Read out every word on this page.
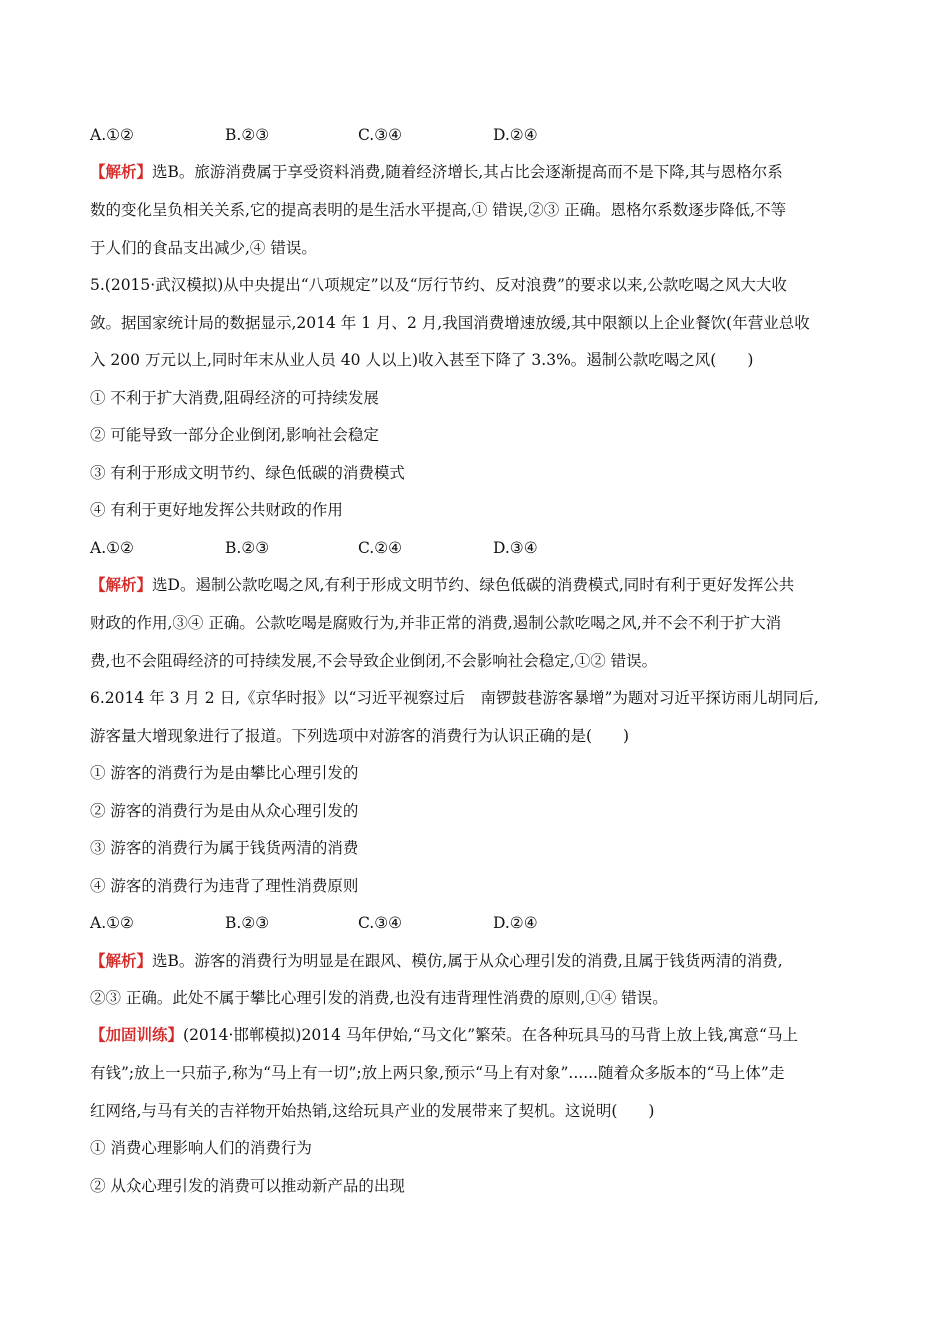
A.①②	B.②③	C.③④	D.②④
【解析】选B。旅游消费属于享受资料消费,随着经济增长,其占比会逐渐提高而不是下降,其与恩格尔系
数的变化呈负相关关系,它的提高表明的是生活水平提高,① 错误,②③ 正确。恩格尔系数逐步降低,不等
于人们的食品支出减少,④ 错误。
5.(2015·武汉模拟)从中央提出“八项规定”以及“厉行节约、反对浪费”的要求以来,公款吃喝之风大大收
敛。据国家统计局的数据显示,2014 年 1 月、2 月,我国消费增速放缓,其中限额以上企业餐饮(年营业总收
入 200 万元以上,同时年末从业人员 40 人以上)收入甚至下降了 3.3%。遏制公款吃喝之风(　　)
① 不利于扩大消费,阻碍经济的可持续发展
② 可能导致一部分企业倒闭,影响社会稳定
③ 有利于形成文明节约、绿色低碳的消费模式
④ 有利于更好地发挥公共财政的作用
A.①②	B.②③	C.②④	D.③④
【解析】选D。遏制公款吃喝之风,有利于形成文明节约、绿色低碳的消费模式,同时有利于更好发挥公共
财政的作用,③④ 正确。公款吃喝是腐败行为,并非正常的消费,遏制公款吃喝之风,并不会不利于扩大消
费,也不会阻碍经济的可持续发展,不会导致企业倒闭,不会影响社会稳定,①② 错误。
6.2014 年 3 月 2 日,《京华时报》以“习近平视察过后　南锣鼓巷游客暴增”为题对习近平探访雨儿胡同后,
游客量大增现象进行了报道。下列选项中对游客的消费行为认识正确的是(　　)
① 游客的消费行为是由攀比心理引发的
② 游客的消费行为是由从众心理引发的
③ 游客的消费行为属于钱货两清的消费
④ 游客的消费行为违背了理性消费原则
A.①②	B.②③	C.③④	D.②④
【解析】选B。游客的消费行为明显是在跟风、模仿,属于从众心理引发的消费,且属于钱货两清的消费,
②③ 正确。此处不属于攀比心理引发的消费,也没有违背理性消费的原则,①④ 错误。
【加固训练】(2014·邯郸模拟)2014 马年伊始,“马文化”繁荣。在各种玩具马的马背上放上钱,寓意“马上
有钱”;放上一只茄子,称为“马上有一切”;放上两只象,预示“马上有对象”......随着众多版本的“马上体”走
红网络,与马有关的吉祥物开始热销,这给玩具产业的发展带来了契机。这说明(　　)
① 消费心理影响人们的消费行为
② 从众心理引发的消费可以推动新产品的出现
